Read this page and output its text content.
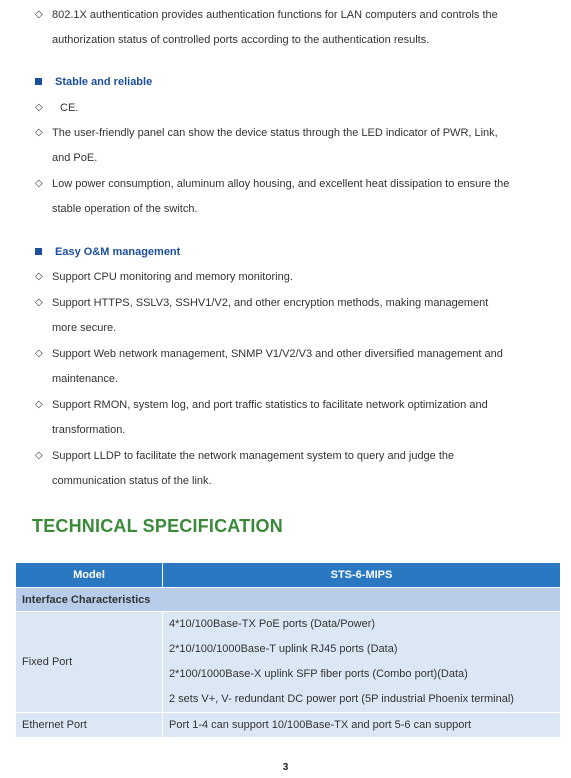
◇ 802.1X authentication provides authentication functions for LAN computers and controls the
authorization status of controlled ports according to the authentication results.
Stable and reliable
◇ CE.
◇ The user-friendly panel can show the device status through the LED indicator of PWR, Link,
and PoE.
◇ Low power consumption, aluminum alloy housing, and excellent heat dissipation to ensure the
stable operation of the switch.
Easy O&M management
◇ Support CPU monitoring and memory monitoring.
◇ Support HTTPS, SSLV3, SSHV1/V2, and other encryption methods, making management
more secure.
◇ Support Web network management, SNMP V1/V2/V3 and other diversified management and
maintenance.
◇ Support RMON, system log, and port traffic statistics to facilitate network optimization and
transformation.
◇ Support LLDP to facilitate the network management system to query and judge the
communication status of the link.
TECHNICAL SPECIFICATION
Model	STS-6-MIPS
Interface Characteristics	
Fixed Port	4*10/100Base-TX PoE ports (Data/Power)
2*10/100/1000Base-T uplink RJ45 ports (Data)
2*100/1000Base-X uplink SFP fiber ports (Combo port)(Data)
2 sets V+, V- redundant DC power port (5P industrial Phoenix terminal)

Ethernet Port	Port 1-4 can support 10/100Base-TX and port 5-6 can support
3
